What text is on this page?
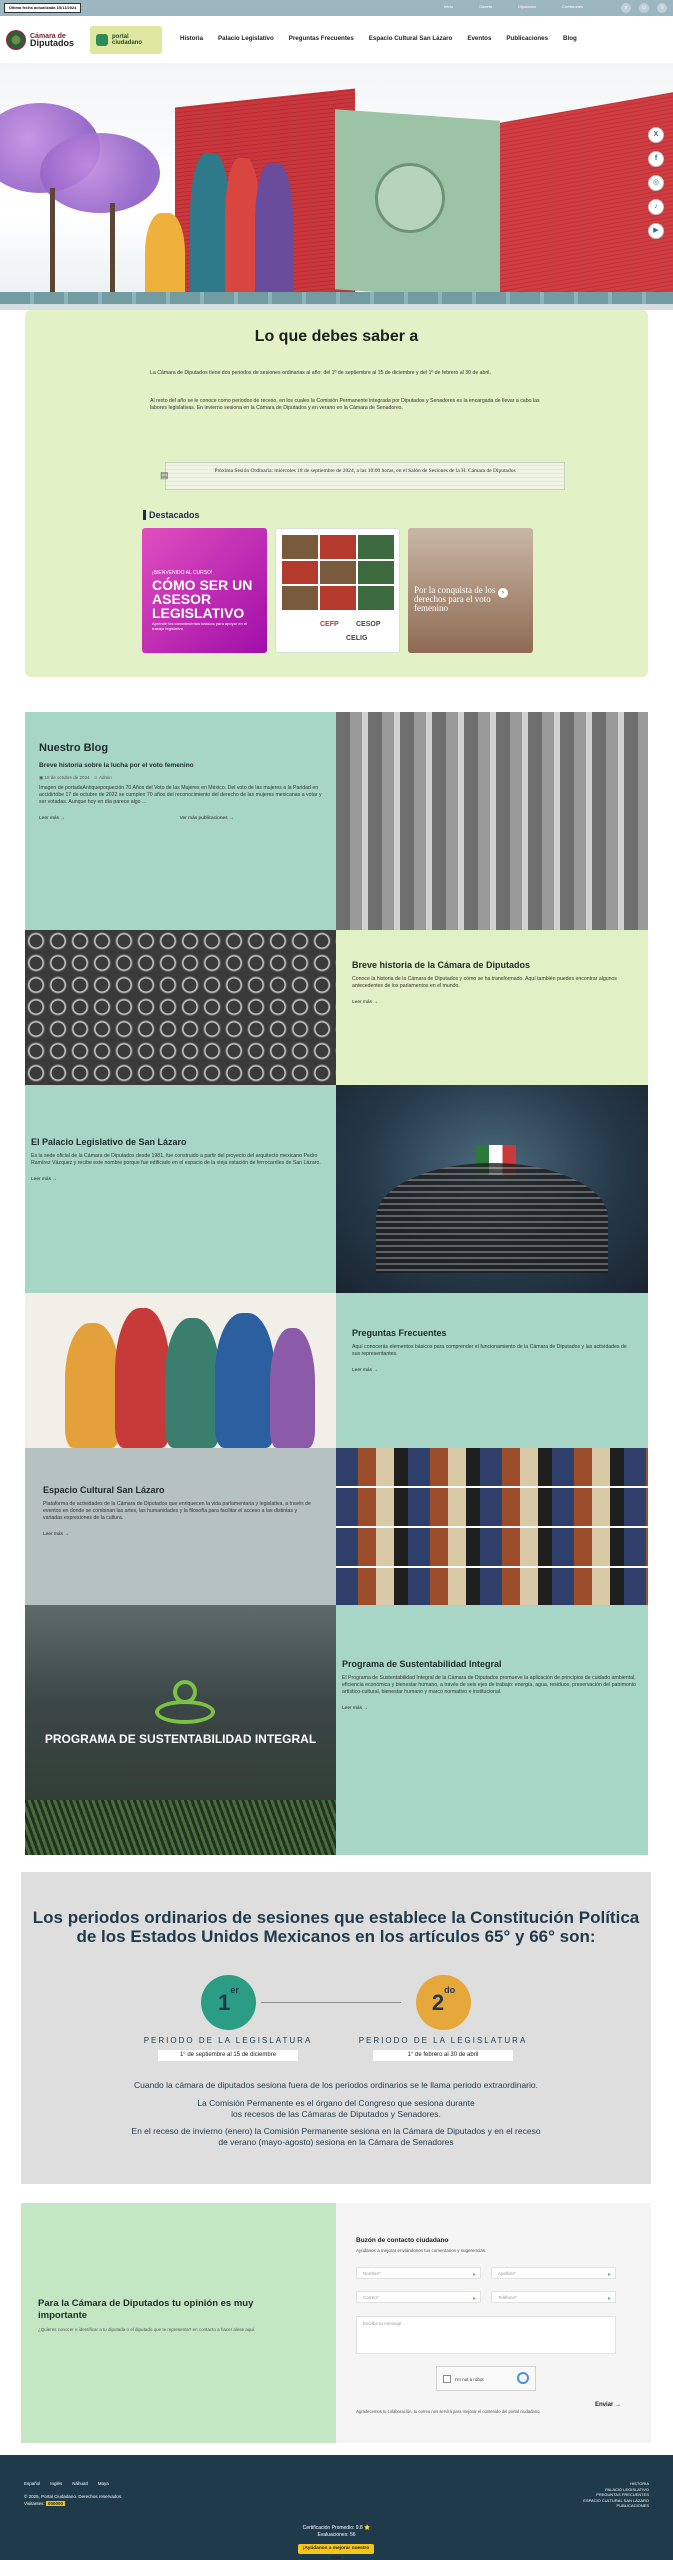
Última fecha actualizada 15/11/2024	Inicio	Gaceta	Diputados	Comisiones	⌕	☺	≡
Cámara de
Diputados
portal
ciudadano
Historia Palacio Legislativo Preguntas Frecuentes Espacio Cultural San Lázaro Eventos Publicaciones Blog
X
f
◎
♪
▶
Lo que debes saber a

La Cámara de Diputados tiene dos periodos de sesiones ordinarias al año: del 1º de septiembre al 15 de diciembre y del 1º de febrero al 30 de abril.

Al resto del año se le conoce como periodos de receso, en los cuales la Comisión Permanente integrada por Diputados y Senadores es la encargada de llevar a cabo las labores legislativas. En invierno sesiona en la Cámara de Diputados y en verano en la Cámara de Senadores.

▤	Próxima Sesión Ordinaria: miércoles 18 de septiembre de 2024, a las 10:00 horas, en el Salón de Sesiones de la H. Cámara de Diputados
Destacados
¡BIENVENIDO AL CURSO!
CÓMO SER UN ASESOR LEGISLATIVO
Aprende los conocimientos básicos para apoyar en el trabajo legislativo.
CEFP CESOP
CELIG
Por la conquista de los derechos para el voto femenino
›
Nuestro Blog
Breve historia sobre la lucha por el voto femenino
▣ 18 de octubre de 2024 ☺ Admin

Imagen de portadaAntiquepoqueción 70 Años del Voto de las Mujeres en México. Del voto de las mujeres a la Paridad en accidirtóbe 17 de octubre de 2022 se cumplen 70 años del reconocimiento del derecho de las mujeres mexicanas a votar y ser votadas. Aunque hoy en día parece algo ...

Leer más →	Ver más publicaciones →
Breve historia de la Cámara de Diputados

Conoce la historia de la Cámara de Diputados y cómo se ha transformado. Aquí también puedes encontrar algunos antecedentes de los parlamentos en el mundo.

Leer más →
El Palacio Legislativo de San Lázaro

Es la sede oficial de la Cámara de Diputados desde 1981, fue construido a partir del proyecto del arquitecto mexicano Pedro Ramírez Vázquez y recibe este nombre porque fue edificado en el espacio de la vieja estación de ferrocarriles de San Lázaro.

Leer más →
Preguntas Frecuentes

Aquí conocerás elementos básicos para comprender el funcionamiento de la Cámara de Diputados y las actividades de sus representantes.

Leer más →
Espacio Cultural San Lázaro

Plataforma de actividades de la Cámara de Diputados que enriquecen la vida parlamentaria y legislativa, a través de eventos en donde se combinan las artes, las humanidades y la filosofía para facilitar el acceso a las distintas y variadas expresiones de la cultura.

Leer más →
PROGRAMA DE SUSTENTABILIDAD INTEGRAL
Programa de Sustentabilidad Integral

El Programa de Sustentabilidad Integral de la Cámara de Diputados promueve la aplicación de principios de cuidado ambiental, eficiencia económica y bienestar humano, a través de seis ejes de trabajo: energía, agua, residuos, preservación del patrimonio artístico-cultural, bienestar humano y marco normativo e institucional.

Leer más →
Los periodos ordinarios de sesiones que establece la Constitución Política de los Estados Unidos Mexicanos en los artículos 65° y 66° son:
1er	$2^{do}$
PERIODO DE LA LEGISLATURA	PERIODO DE LA LEGISLATURA
1° de septiembre al 15 de diciembre	1° de febrero al 30 de abril
Cuando la cámara de diputados sesiona fuera de los periodos ordinarios se le llama periodo extraordinario.
La Comisión Permanente es el órgano del Congreso que sesiona durante los recesos de las Cámaras de Diputados y Senadores.
En el receso de invierno (enero) la Comisión Permanente sesiona en la Cámara de Diputados y en el receso de verano (mayo-agosto) sesiona en la Cámara de Senadores
Para la Cámara de Diputados tu opinión es muy importante

¿Quieres conocer e identificar a tu diputada o el diputado que te representa? en contacto a hacer alese aquí.

Buzón de contacto ciudadano
Ayúdanos a mejorar enviándonos tus comentarios y sugerencias.
Nombre*	▸	Apellido*	▸
Correo*	▸	Teléfono*	▸
Escribe tu mensaje
I'm not a robot
Agradecemos tu colaboración, tu correo nos servirá para mejorar el contenido del portal ciudadano.
Enviar →
Español Inglés Náhuatl Maya
© 2025, Portal Ciudadano. Derechos reservados.
Visitantes: 000000
HISTORIA
PALACIO LEGISLATIVO
PREGUNTAS FRECUENTES
ESPACIO CULTURAL SAN LÁZARO
PUBLICACIONES
Certificación Promedio: 9.8 ⭐
Evaluaciones: 56
¡Ayúdanos a mejorar nuestro sitio!
